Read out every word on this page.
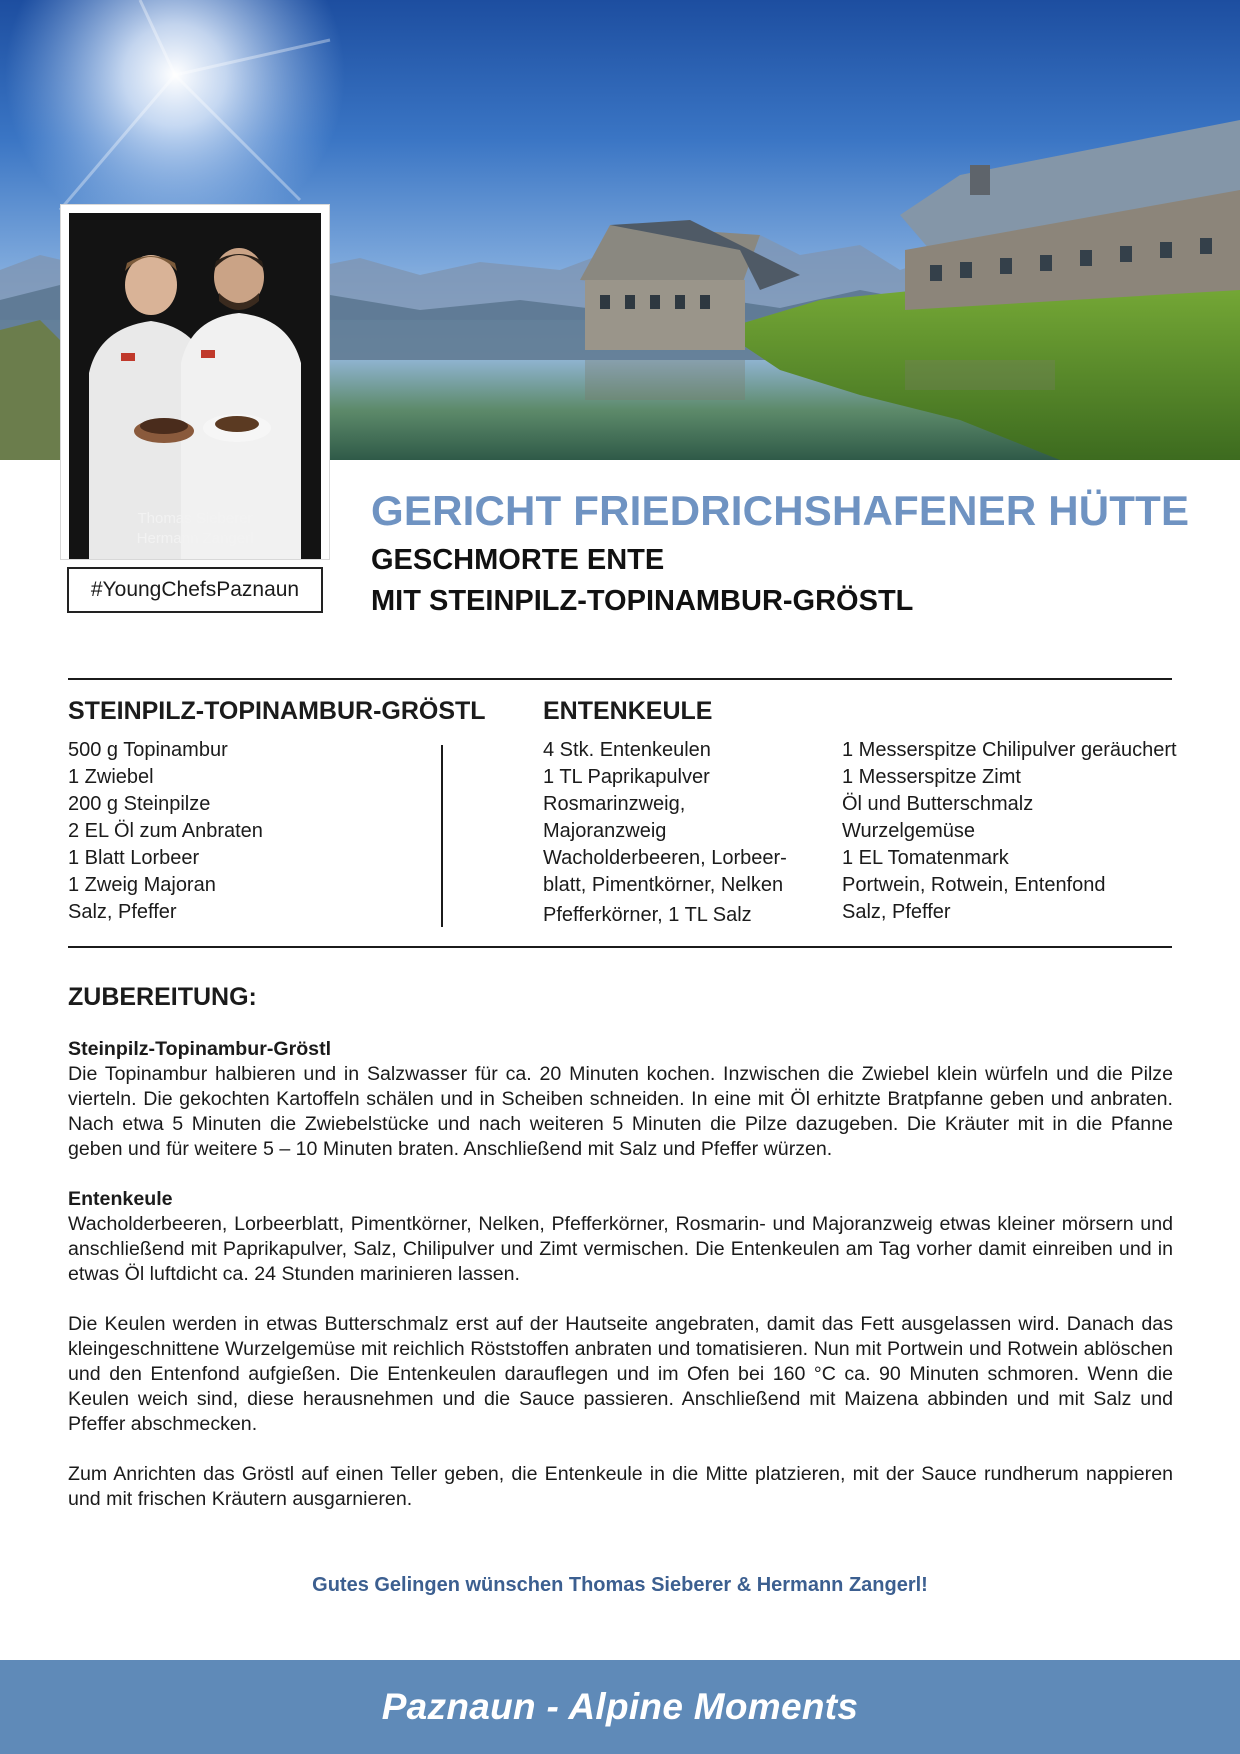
Thomas Sieberer
Hermann Zangerl
#YoungChefsPaznaun
GERICHT FRIEDRICHSHAFENER HÜTTE
GESCHMORTE ENTE
MIT STEINPILZ-TOPINAMBUR-GRÖSTL
STEINPILZ-TOPINAMBUR-GRÖSTL
500 g Topinambur
1 Zwiebel
200 g Steinpilze
2 EL Öl zum Anbraten
1 Blatt Lorbeer
1 Zweig Majoran
Salz, Pfeffer
ENTENKEULE
4 Stk. Entenkeulen
1 TL Paprikapulver
Rosmarinzweig,
Majoranzweig
Wacholderbeeren, Lorbeer-
blatt, Pimentkörner, Nelken
Pfefferkörner, 1 TL Salz
1 Messerspitze Chilipulver geräuchert
1 Messerspitze Zimt
Öl und Butterschmalz
Wurzelgemüse
1 EL Tomatenmark
Portwein, Rotwein, Entenfond
Salz, Pfeffer
ZUBEREITUNG:
Steinpilz-Topinambur-Gröstl

Die Topinambur halbieren und in Salzwasser für ca. 20 Minuten kochen. Inzwischen die Zwiebel klein würfeln und die Pilze vierteln. Die gekochten Kartoffeln schälen und in Scheiben schneiden. In eine mit Öl erhitzte Bratpfanne geben und anbraten. Nach etwa 5 Minuten die Zwiebelstücke und nach weiteren 5 Minuten die Pilze dazugeben. Die Kräuter mit in die Pfanne geben und für weitere 5 – 10 Minuten braten. Anschließend mit Salz und Pfeffer würzen.

Entenkeule

Wacholderbeeren, Lorbeerblatt, Pimentkörner, Nelken, Pfefferkörner, Rosmarin- und Majoranzweig etwas kleiner mörsern und anschließend mit Paprikapulver, Salz, Chilipulver und Zimt vermischen. Die Entenkeulen am Tag vorher damit einreiben und in etwas Öl luftdicht ca. 24 Stunden marinieren lassen.

Die Keulen werden in etwas Butterschmalz erst auf der Hautseite angebraten, damit das Fett ausgelassen wird. Danach das kleingeschnittene Wurzelgemüse mit reichlich Röststoffen anbraten und tomatisieren. Nun mit Portwein und Rotwein ablöschen und den Entenfond aufgießen. Die Entenkeulen darauflegen und im Ofen bei 160 °C ca. 90 Minuten schmoren. Wenn die Keulen weich sind, diese herausnehmen und die Sauce passieren. Anschließend mit Maizena abbinden und mit Salz und Pfeffer abschmecken.

Zum Anrichten das Gröstl auf einen Teller geben, die Entenkeule in die Mitte platzieren, mit der Sauce rundherum nappieren und mit frischen Kräutern ausgarnieren.

Gutes Gelingen wünschen Thomas Sieberer & Hermann Zangerl!
Paznaun - Alpine Moments
